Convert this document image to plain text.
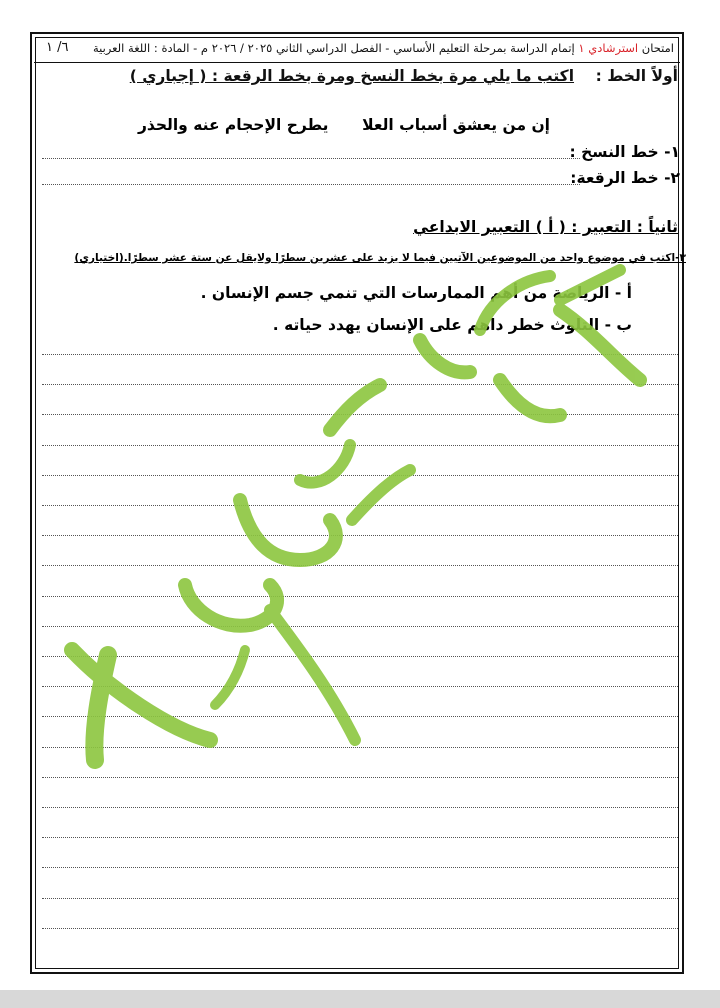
٦/ ١	امتحان استرشادي ١ إتمام الدراسة بمرحلة التعليم الأساسي - الفصل الدراسي الثاني ٢٠٢٥ / ٢٠٢٦ م - المادة : اللغة العربية
أولاً الخط :    اكتب ما يلي مرة بخط النسخ ومرة بخط الرقعة : ( إجباري )
إن من يعشق أسباب العلا
يطرح الإحجام عنه والحذر
١- خط النسخ :
٢- خط الرقعة:
ثانياً : التعبير : ( أ ) التعبير الابداعي
٣-اكتب في موضوع واحد من الموضوعين الآتيين فيما لا يزيد على عشرين سطرًا ولايقل عن ستة عشر سطرًا.(اختياري)
أ - الرياضة من أهم الممارسات التي تنمي جسم الإنسان .
ب - التلوث خطر داهم على الإنسان يهدد حياته .
